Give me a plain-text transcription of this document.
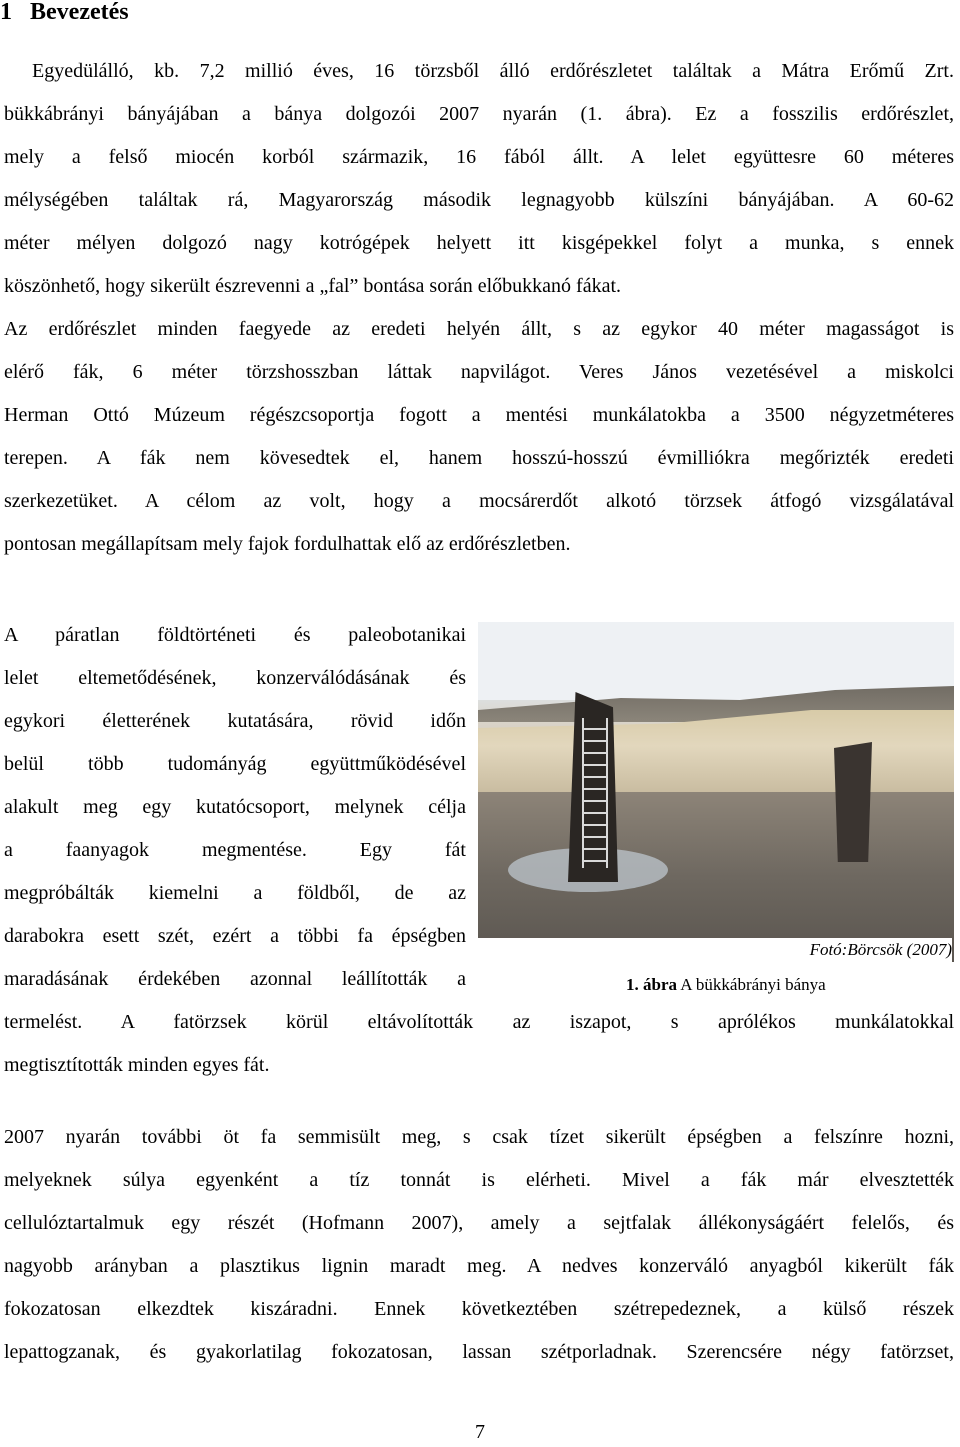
1 Bevezetés
Egyedülálló, kb. 7,2 millió éves, 16 törzsből álló erdőrészletet találtak a Mátra Erőmű Zrt.
bükkábrányi bányájában a bánya dolgozói 2007 nyarán (1. ábra). Ez a fosszilis erdőrészlet,
mely a felső miocén korból származik, 16 fából állt. A lelet együttesre 60 méteres
mélységében találtak rá, Magyarország második legnagyobb külszíni bányájában. A 60-62
méter mélyen dolgozó nagy kotrógépek helyett itt kisgépekkel folyt a munka, s ennek
köszönhető, hogy sikerült észrevenni a „fal” bontása során előbukkanó fákat.
Az erdőrészlet minden faegyede az eredeti helyén állt, s az egykor 40 méter magasságot is
elérő fák, 6 méter törzshosszban láttak napvilágot. Veres János vezetésével a miskolci
Herman Ottó Múzeum régészcsoportja fogott a mentési munkálatokba a 3500 négyzetméteres
terepen. A fák nem kövesedtek el, hanem hosszú-hosszú évmilliókra megőrizték eredeti
szerkezetüket. A célom az volt, hogy a mocsárerdőt alkotó törzsek átfogó vizsgálatával
pontosan megállapítsam mely fajok fordulhattak elő az erdőrészletben.
A páratlan földtörténeti és paleobotanikai
lelet eltemetődésének, konzerválódásának és
egykori életterének kutatására, rövid időn
belül több tudományág együttműködésével
alakult meg egy kutatócsoport, melynek célja
a faanyagok megmentése. Egy fát
megpróbálták kiemelni a földből, de az
darabokra esett szét, ezért a többi fa épségben
maradásának érdekében azonnal leállították a
termelést. A fatörzsek körül eltávolították az iszapot, s aprólékos munkálatokkal
megtisztították minden egyes fát.
Fotó:Börcsök (2007)
1. ábra A bükkábrányi bánya
2007 nyarán további öt fa semmisült meg, s csak tízet sikerült épségben a felszínre hozni,
melyeknek súlya egyenként a tíz tonnát is elérheti. Mivel a fák már elvesztették
cellulóztartalmuk egy részét (Hofmann 2007), amely a sejtfalak állékonyságáért felelős, és
nagyobb arányban a plasztikus lignin maradt meg. A nedves konzerváló anyagból kikerült fák
fokozatosan elkezdtek kiszáradni. Ennek következtében szétrepedeznek, a külső részek
lepattogzanak, és gyakorlatilag fokozatosan, lassan szétporladnak. Szerencsére négy fatörzset,
7
